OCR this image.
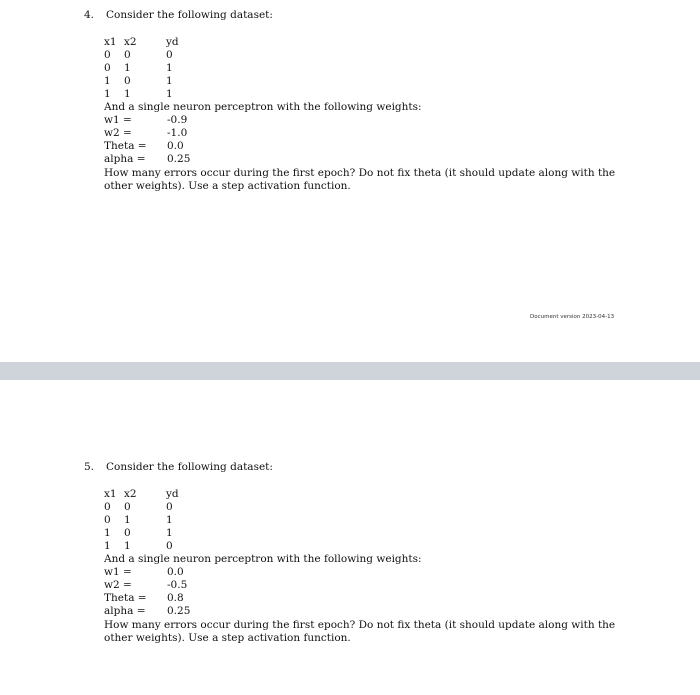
4. Consider the following dataset:
x1 x2	yd
0 0	0
0 1	1
1 0	1
1 1	1
And a single neuron perceptron with the following weights:
w1 =	-0.9
w2 =	-1.0
Theta = 0.0
alpha = 0.25
How many errors occur during the first epoch? Do not fix theta (it should update along with the other weights). Use a step activation function.
Document version 2023-04-13
5. Consider the following dataset:
x1 x2	yd
0 0	0
0 1	1
1 0	1
1 1	0
And a single neuron perceptron with the following weights:
w1 =	0.0
w2 =	-0.5
Theta = 0.8
alpha = 0.25
How many errors occur during the first epoch? Do not fix theta (it should update along with the other weights). Use a step activation function.
